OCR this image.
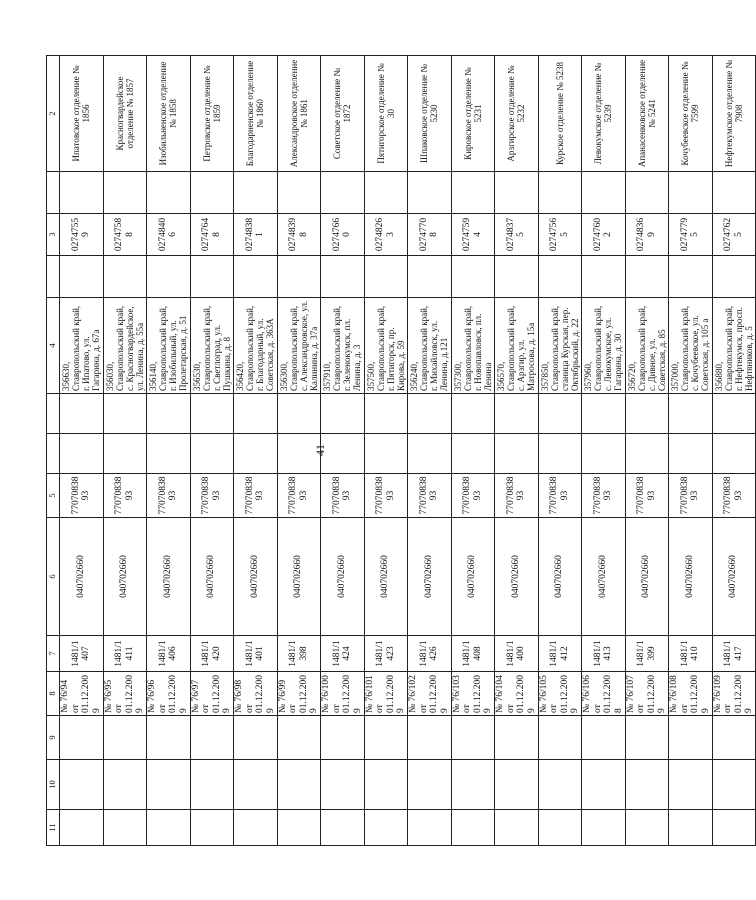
41
11	10	9	8	7	6	5			4		3		2
			№ 76/94 от 01.12.2009	1481/1407	040702660	7707083893			356630, Ставропольский край, г. Ипатово, ул. Гагарина, д. 67а		02747559		Ипатовское отделение № 1856
			№ 76/95 от 01.12.2009	1481/1411	040702660	7707083893			356030, Ставропольский край, с. Красногвардейское, ул. Ленина, д. 55а		02747588		Красногвардейское отделение № 1857
			№ 76/96 от 01.12.2009	1481/1406	040702660	7707083893			356140, Ставропольский край, г. Изобильный, ул. Пролетарская, д. 51		02748406		Изобильненское отделение № 1858
			№ 76/97 от 01.12.2009	1481/1420	040702660	7707083893			356530, Ставропольский край, г. Светлоград, ул. Пушкина, д. 8		02747648		Петровское отделение № 1859
			№ 76/98 от 01.12.2009	1481/1401	040702660	7707083893			356420, Ставропольский край, г. Благодарный, ул. Советская, д. 363А		02748381		Благодарненское отделение № 1860
			№ 76/99 от 01.12.2009	1481/1398	040702660	7707083893			356300, Ставропольский край, с. Александровское, ул. Калинина, д. 37а		02748398		Александровское отделение № 1861
			№ 76/100 от 01.12.2009	1481/1424	040702660	7707083893			357910, Ставропольский край, г. Зеленокумск, пл. Ленина, д. 3		02747660		Советское отделение № 1872
			№ 76/101 от 01.12.2009	1481/1423	040702660	7707083893			357500, Ставропольский край, г. Пятигорск, пр. Кирова, д. 59		02748263		Пятигорское отделение № 30
			№ 76/102 от 01.12.2009	1481/1426	040702660	7707083893			356240, Ставропольский край, г. Михайловск, ул. Ленина, д.121		02747708		Шпаковское отделение № 5230
			№ 76/103 от 01.12.2009	1481/1408	040702660	7707083893			357300, Ставропольский край, г. Новопавловск, пл. Ленина		02747594		Кировское отделение № 5231
			№ 76/104 от 01.12.2009	1481/1400	040702660	7707083893			356570, Ставропольский край, с. Арзгир, ул. Матросова, д. 15а		02748375		Арзгирское отделение № 5232
			№ 76/105 от 01.12.2009	1481/1412	040702660	7707083893			357850, Ставропольский край, станица Курская, пер. Октябрьский, д. 22		02747565		Курское отделение № 5238
			№ 76/106 от 01.12.2008	1481/1413	040702660	7707083893			357960, Ставропольский край, с. Левокумское, ул. Гагарина, д. 30		02747602		Левокумское отделение № 5239
			№ 76/107 от 01.12.2009	1481/1399	040702660	7707083893			356720, Ставропольский край, с. Дивное, ул. Советская, д. 85		02748369		Апанасенковское отделение № 5241
			№ 76/108 от 01.12.2009	1481/1410	040702660	7707083893			357000, Ставропольский край, с. Кочубеевское, ул. Советская, д. 105 а		02747795		Кочубеевское отделение № 7599
			№ 76/109 от 01.12.2009	1481/1417	040702660	7707083893			356880, Ставропольский край, г. Нефтекумск, просп. Нефтяников, д. 5		02747625		Нефтекумское отделение № 7908
